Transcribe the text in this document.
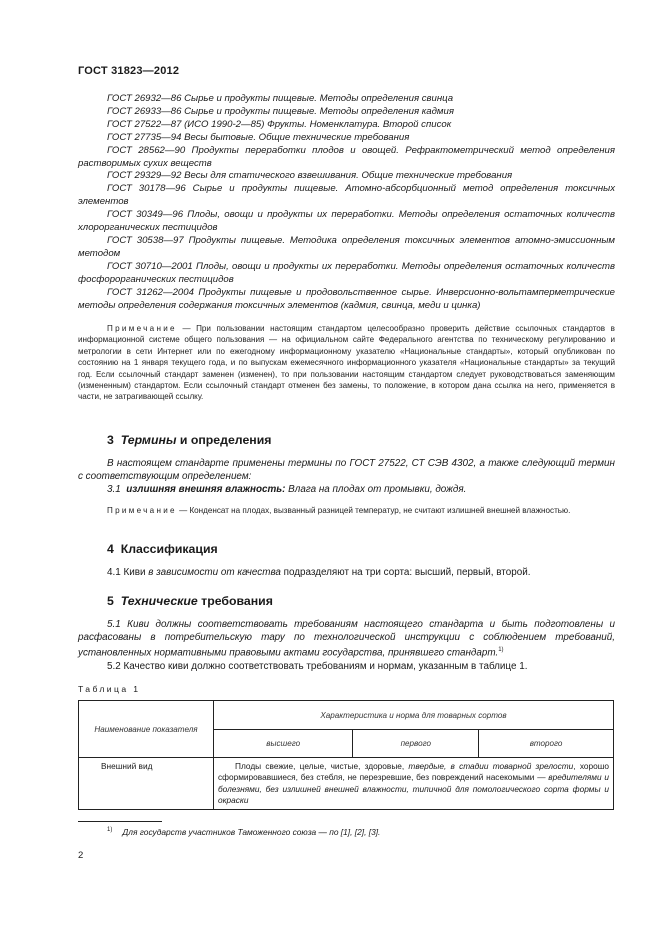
ГОСТ 31823—2012

ГОСТ 26932—86 Сырье и продукты пищевые. Методы определения свинца

ГОСТ 26933—86 Сырье и продукты пищевые. Методы определения кадмия

ГОСТ 27522—87 (ИСО 1990-2—85) Фрукты. Номенклатура. Второй список

ГОСТ 27735—94 Весы бытовые. Общие технические требования

ГОСТ 28562—90 Продукты переработки плодов и овощей. Рефрактометрический метод определения растворимых сухих веществ

ГОСТ 29329—92 Весы для статического взвешивания. Общие технические требования

ГОСТ 30178—96 Сырье и продукты пищевые. Атомно-абсорбционный метод определения токсичных элементов

ГОСТ 30349—96 Плоды, овощи и продукты их переработки. Методы определения остаточных количеств хлорорганических пестицидов

ГОСТ 30538—97 Продукты пищевые. Методика определения токсичных элементов атомно-эмиссионным методом

ГОСТ 30710—2001 Плоды, овощи и продукты их переработки. Методы определения остаточных количеств фосфорорганических пестицидов

ГОСТ 31262—2004 Продукты пищевые и продовольственное сырье. Инверсионно-вольтамперметрические методы определения содержания токсичных элементов (кадмия, свинца, меди и цинка)

Примечание — При пользовании настоящим стандартом целесообразно проверить действие ссылочных стандартов в информационной системе общего пользования — на официальном сайте Федерального агентства по техническому регулированию и метрологии в сети Интернет или по ежегодному информационному указателю «Национальные стандарты», который опубликован по состоянию на 1 января текущего года, и по выпускам ежемесячного информационного указателя «Национальные стандарты» за текущий год. Если ссылочный стандарт заменен (изменен), то при пользовании настоящим стандартом следует руководствоваться заменяющим (измененным) стандартом. Если ссылочный стандарт отменен без замены, то положение, в котором дана ссылка на него, применяется в части, не затрагивающей ссылку.
3 Термины и определения

В настоящем стандарте применены термины по ГОСТ 27522, СТ СЭВ 4302, а также следующий термин с соответствующим определением:

3.1 излишняя внешняя влажность: Влага на плодах от промывки, дождя.

Примечание — Конденсат на плодах, вызванный разницей температур, не считают излишней внешней влажностью.
4 Классификация

4.1 Киви в зависимости от качества подразделяют на три сорта: высший, первый, второй.

5 Технические требования

5.1 Киви должны соответствовать требованиям настоящего стандарта и быть подготовлены и расфасованы в потребительскую тару по технологической инструкции с соблюдением требований, установленных нормативными правовыми актами государства, принявшего стандарт.$^{1)}$

5.2 Качество киви должно соответствовать требованиям и нормам, указанным в таблице 1.

Таблица 1
Наименование показателя	Характеристика и норма для товарных сортов		
	высшего	первого	второго
Внешний вид	Плоды свежие, целые, чистые, здоровые, твердые, в стадии товарной зрелости, хорошо сформировавшиеся, без стебля, не перезревшие, без повреждений насекомыми — вредителями и болезнями, без излишней внешней влажности, типичной для помологического сорта формы и окраски		
$^{1)}$ Для государств участников Таможенного союза — по [1], [2], [3].
2
